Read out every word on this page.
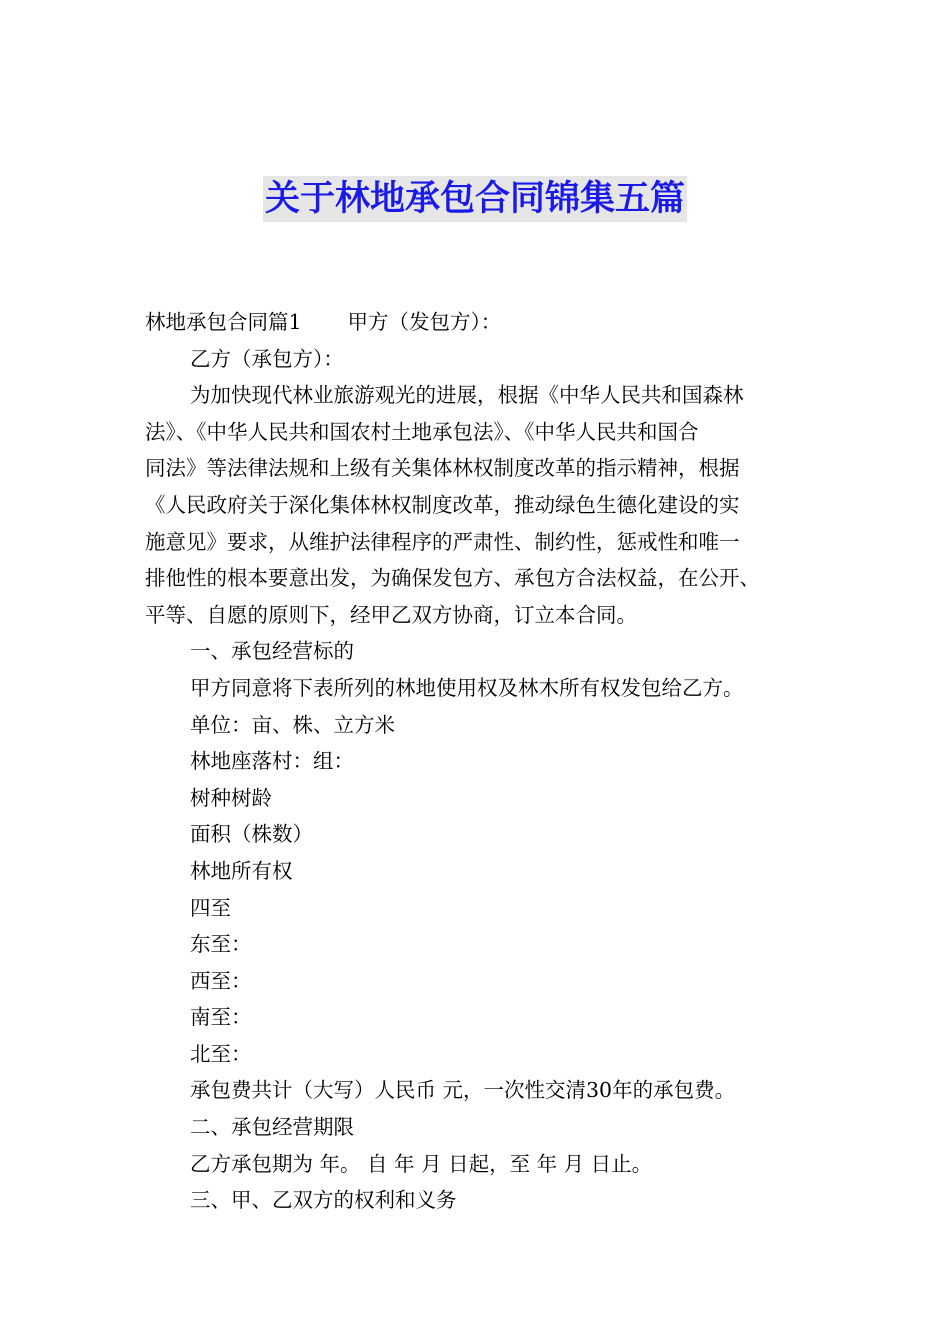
关于林地承包合同锦集五篇

林地承包合同篇1 甲方（发包方）：

乙方（承包方）：

为加快现代林业旅游观光的进展，根据《中华人民共和国森林

法》、《中华人民共和国农村土地承包法》、《中华人民共和国合

同法》等法律法规和上级有关集体林权制度改革的指示精神，根据

《人民政府关于深化集体林权制度改革，推动绿色生德化建设的实

施意见》要求，从维护法律程序的严肃性、制约性，惩戒性和唯一

排他性的根本要意出发，为确保发包方、承包方合法权益，在公开、

平等、自愿的原则下，经甲乙双方协商，订立本合同。

一、承包经营标的

甲方同意将下表所列的林地使用权及林木所有权发包给乙方。

单位：亩、株、立方米

林地座落村：组：

树种树龄

面积（株数）

林地所有权

四至

东至：

西至：

南至：

北至：

承包费共计（大写）人民币 元，一次性交清30年的承包费。

二、承包经营期限

乙方承包期为 年。 自 年 月 日起，至 年 月 日止。

三、甲、乙双方的权利和义务
